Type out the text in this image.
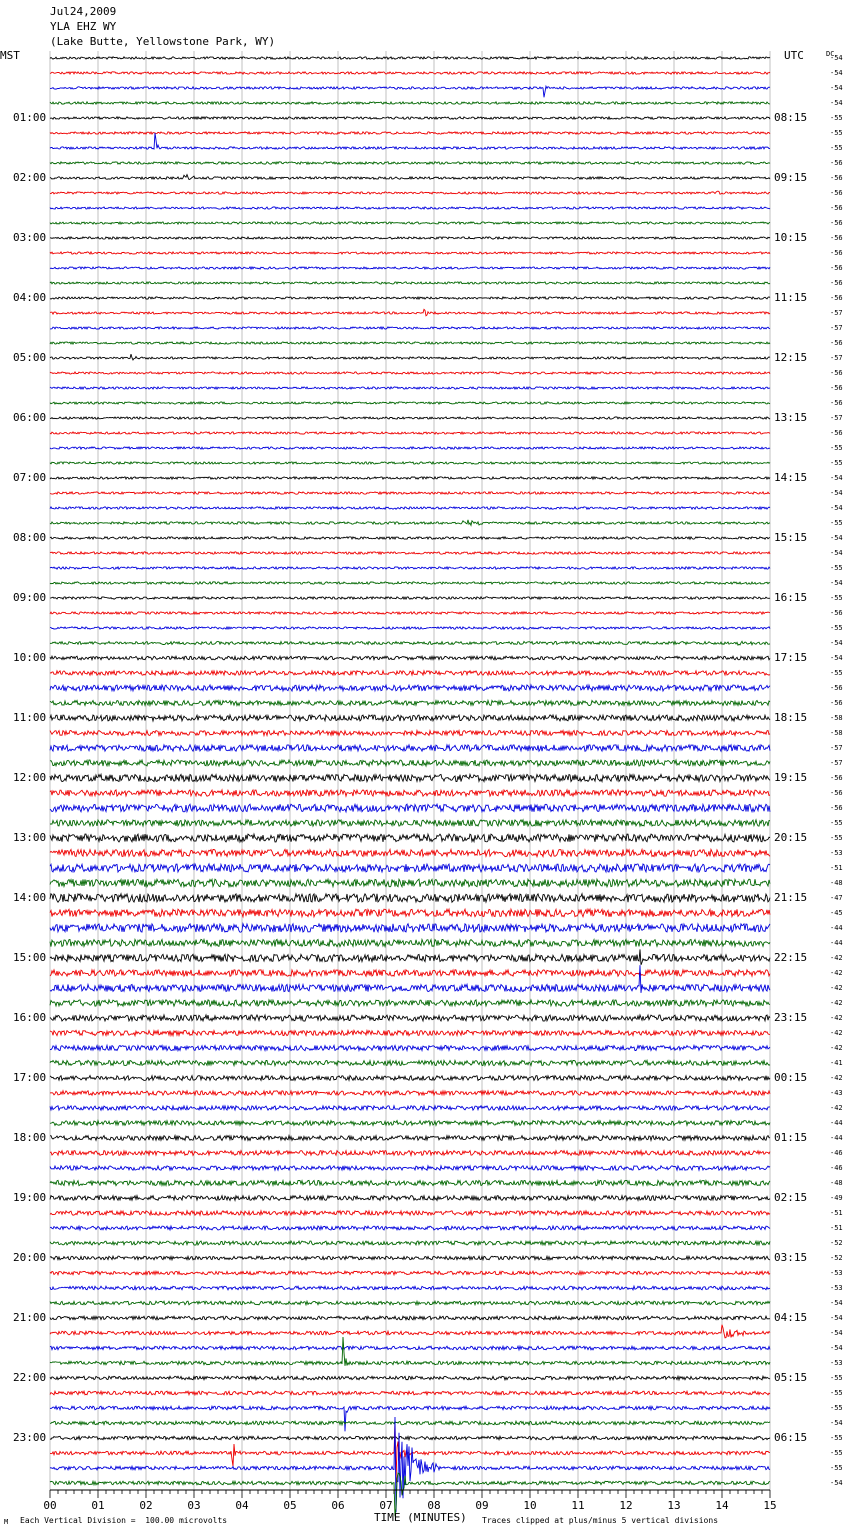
Jul24,2009
YLA EHZ WY
(Lake Butte, Yellowstone Park, WY)
MST	UTC	DC
00	01	02	03	04	05	06	07	08	09	10	11	12	13	14	15
01:00
02:00
03:00
04:00
05:00
06:00
07:00
08:00
09:00
10:00
11:00
12:00
13:00
14:00
15:00
16:00
17:00
18:00
19:00
20:00
21:00
22:00
23:00
08:15
09:15
10:15
11:15
12:15
13:15
14:15
15:15
16:15
17:15
18:15
19:15
20:15
21:15
22:15
23:15
00:15
01:15
02:15
03:15
04:15
05:15
06:15
-54
-54
-54
-54
-55
-55
-55
-56
-56
-56
-56
-56
-56
-56
-56
-56
-56
-57
-57
-56
-57
-56
-56
-56
-57
-56
-55
-55
-54
-54
-54
-55
-54
-54
-55
-54
-55
-56
-55
-54
-54
-55
-56
-56
-58
-58
-57
-57
-56
-56
-56
-55
-55
-53
-51
-48
-47
-45
-44
-44
-42
-42
-42
-42
-42
-42
-42
-41
-42
-43
-42
-44
-44
-46
-46
-48
-49
-51
-51
-52
-52
-53
-53
-54
-54
-54
-54
-53
-55
-55
-55
-54
-55
-55
-55
-54
M Each Vertical Division =  100.00 microvolts	TIME (MINUTES) Traces clipped at plus/minus 5 vertical divisions
